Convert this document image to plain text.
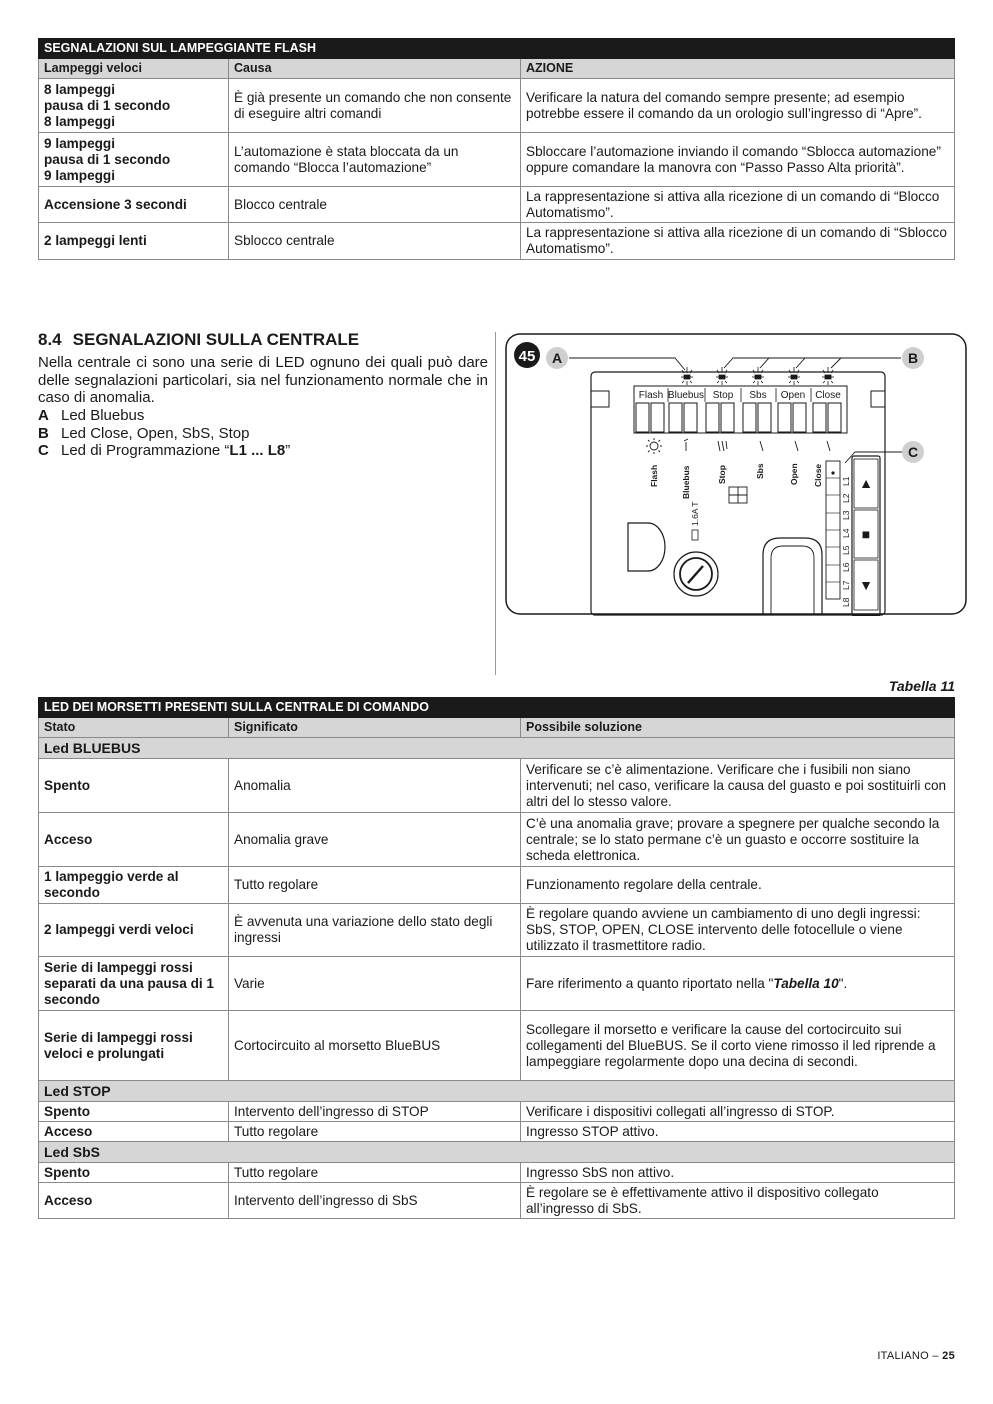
SEGNALAZIONI SUL LAMPEGGIANTE FLASH		
Lampeggi veloci	Causa	AZIONE
8 lampeggi
pausa di 1 secondo
8 lampeggi	È già presente un comando che non consente di eseguire altri comandi	Verificare la natura del comando sempre presente; ad esempio potrebbe essere il comando da un orologio sull’ingresso di “Apre”.
9 lampeggi
pausa di 1 secondo
9 lampeggi	L’automazione è stata bloccata da un comando “Blocca l’automazione”	Sbloccare l’automazione inviando il comando “Sblocca automazione” oppure comandare la manovra con “Passo Passo Alta priorità”.
Accensione 3 secondi	Blocco centrale	La rappresentazione si attiva alla ricezione di un comando di “Blocco Automatismo”.
2 lampeggi lenti	Sblocco centrale	La rappresentazione si attiva alla ricezione di un comando di “Sblocco Automatismo”.
8.4 SEGNALAZIONI SULLA CENTRALE

Nella centrale ci sono una serie di LED ognuno dei quali può dare delle segnalazioni particolari, sia nel funzionamento normale che in caso di anomalia.

A Led Bluebus
B Led Close, Open, SbS, Stop
C Led di Programmazione “L1 ... L8”
Flash Bluebus Stop Sbs Open Close
45 A	B
C
Flash	Bluebus	Stop	Sbs	Open Close
1.6A T
L1
L2
L3
L4
L5
L6
L7
L8
▲
■
▼
Tabella 11
LED DEI MORSETTI PRESENTI SULLA CENTRALE DI COMANDO		
Stato	Significato	Possibile soluzione
Led BLUEBUS		
Spento	Anomalia	Verificare se c’è alimentazione. Verificare che i fusibili non siano intervenuti; nel caso, verificare la causa del guasto e poi sostituirli con altri del lo stesso valore.
Acceso	Anomalia grave	C’è una anomalia grave; provare a spegnere per qualche secondo la centrale; se lo stato permane c’è un guasto e occorre sostituire la scheda elettronica.
1 lampeggio verde al secondo	Tutto regolare	Funzionamento regolare della centrale.
2 lampeggi verdi veloci	È avvenuta una variazione dello stato degli ingressi	È regolare quando avviene un cambiamento di uno degli ingressi: SbS, STOP, OPEN, CLOSE intervento delle fotocellule o viene utilizzato il trasmettitore radio.
Serie di lampeggi rossi separati da una pausa di 1 secondo	Varie	Fare riferimento a quanto riportato nella "Tabella 10".
Serie di lampeggi rossi veloci e prolungati	Cortocircuito al morsetto BlueBUS	Scollegare il morsetto e verificare la cause del cortocircuito sui collegamenti del BlueBUS. Se il corto viene rimosso il led riprende a lampeggiare regolarmente dopo una decina di secondi.
Led STOP		
Spento	Intervento dell’ingresso di STOP	Verificare i dispositivi collegati all’ingresso di STOP.
Acceso	Tutto regolare	Ingresso STOP attivo.
Led SbS		
Spento	Tutto regolare	Ingresso SbS non attivo.
Acceso	Intervento dell’ingresso di SbS	È regolare se è effettivamente attivo il dispositivo collegato all’ingresso di SbS.
ITALIANO – 25
